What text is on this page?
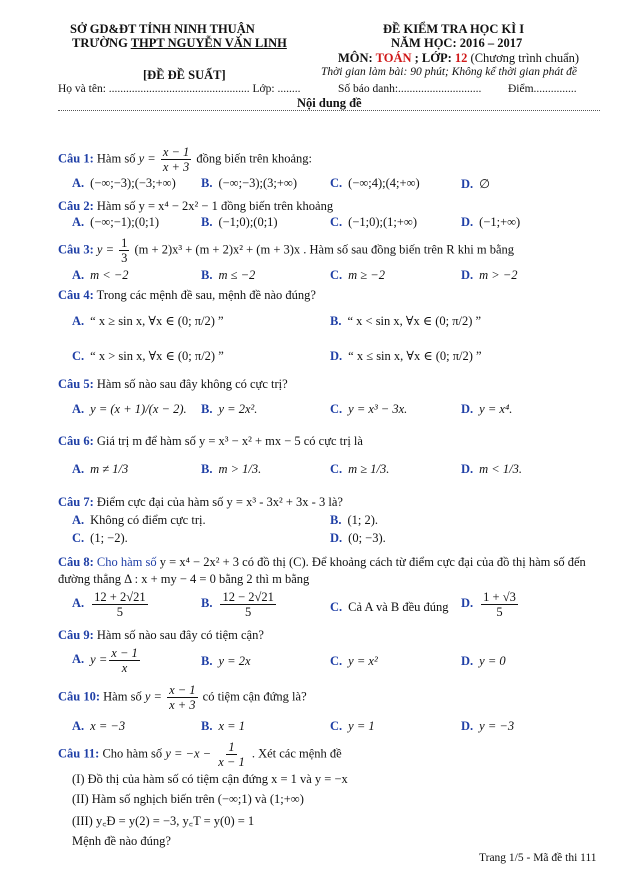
SỞ GD&ĐT TỈNH NINH THUẬN
TRƯỜNG THPT NGUYỄN VĂN LINH
[ĐỀ ĐỀ SUẤT]
ĐỀ KIỂM TRA HỌC KÌ I
NĂM HỌC: 2016 – 2017
MÔN: TOÁN ; LỚP: 12 (Chương trình chuẩn)
Thời gian làm bài: 90 phút; Không kể thời gian phát đề
Họ và tên: ................................................. Lớp: ........	Số báo danh:............................. Điểm...............
Nội dung đề
Câu 1: Hàm số $y = \frac{x - 1}{x + 3}$ đồng biến trên khoảng:
A. (−∞;−3);(−3;+∞) B. (−∞;−3);(3;+∞)	C. (−∞;4);(4;+∞)	D. ∅
Câu 2: Hàm số y = x⁴ − 2x² − 1 đồng biến trên khoảng
A. (−∞;−1);(0;1)	B. (−1;0);(0;1)	C. (−1;0);(1;+∞)	D. (−1;+∞)
Câu 3: $y = \frac{1}{3} (m + 2)x^3 + (m + 2)x^2 + (m + 3)x$ . Hàm số sau đồng biến trên R khi m bằng
A. m < −2	B. m ≤ −2	C. m ≥ −2	D. m > −2
Câu 4: Trong các mệnh đề sau, mệnh đề nào đúng?
A. “ x ≥ sin x, ∀x ∈ (0; π/2) ”	B. “ x < sin x, ∀x ∈ (0; π/2) ”
C. “ x > sin x, ∀x ∈ (0; π/2) ”	D. “ x ≤ sin x, ∀x ∈ (0; π/2) ”
Câu 5: Hàm số nào sau đây không có cực trị?
A. y = (x + 1)/(x − 2). B. y = 2x².	C. y = x³ − 3x.	D. y = x⁴.
Câu 6: Giá trị m để hàm số y = x³ − x² + mx − 5 có cực trị là
A. m ≠ 1/3	B. m > 1/3.	C. m ≥ 1/3.	D. m < 1/3.
Câu 7: Điểm cực đại của hàm số y = x³ - 3x² + 3x - 3 là?
A. Không có điểm cực trị.	B. (1; 2).
C. (1; −2).	D. (0; −3).
Câu 8: Cho hàm số y = x⁴ − 2x² + 3 có đồ thị (C). Để khoảng cách từ điểm cực đại của đồ thị hàm số đến
đường thẳng Δ : x + my − 4 = 0 bằng 2 thì m bằng
A. $\frac{12 + 2√21}{5}$	B. $\frac{12 - 2√21}{5}$	C. Cả A và B đều đúng D. $\frac{1 + √3}{5}$
Câu 9: Hàm số nào sau đây có tiệm cận?
A. $y = \frac{x - 1}{x}$	B. y = 2x	C. y = x²	D. y = 0
Câu 10: Hàm số $y = \frac{x - 1}{x + 3}$ có tiệm cận đứng là?
A. x = −3	B. x = 1	C. y = 1	D. y = −3
Câu 11: Cho hàm số $y = -x - \frac{1}{x - 1}$ . Xét các mệnh đề
(I) Đồ thị của hàm số có tiệm cận đứng x = 1 và y = −x
(II) Hàm số nghịch biến trên (−∞;1) và (1;+∞)
(III) y꜀Đ = y(2) = −3, y꜀T = y(0) = 1
Mệnh đề nào đúng?
Trang 1/5 - Mã đề thi 111
